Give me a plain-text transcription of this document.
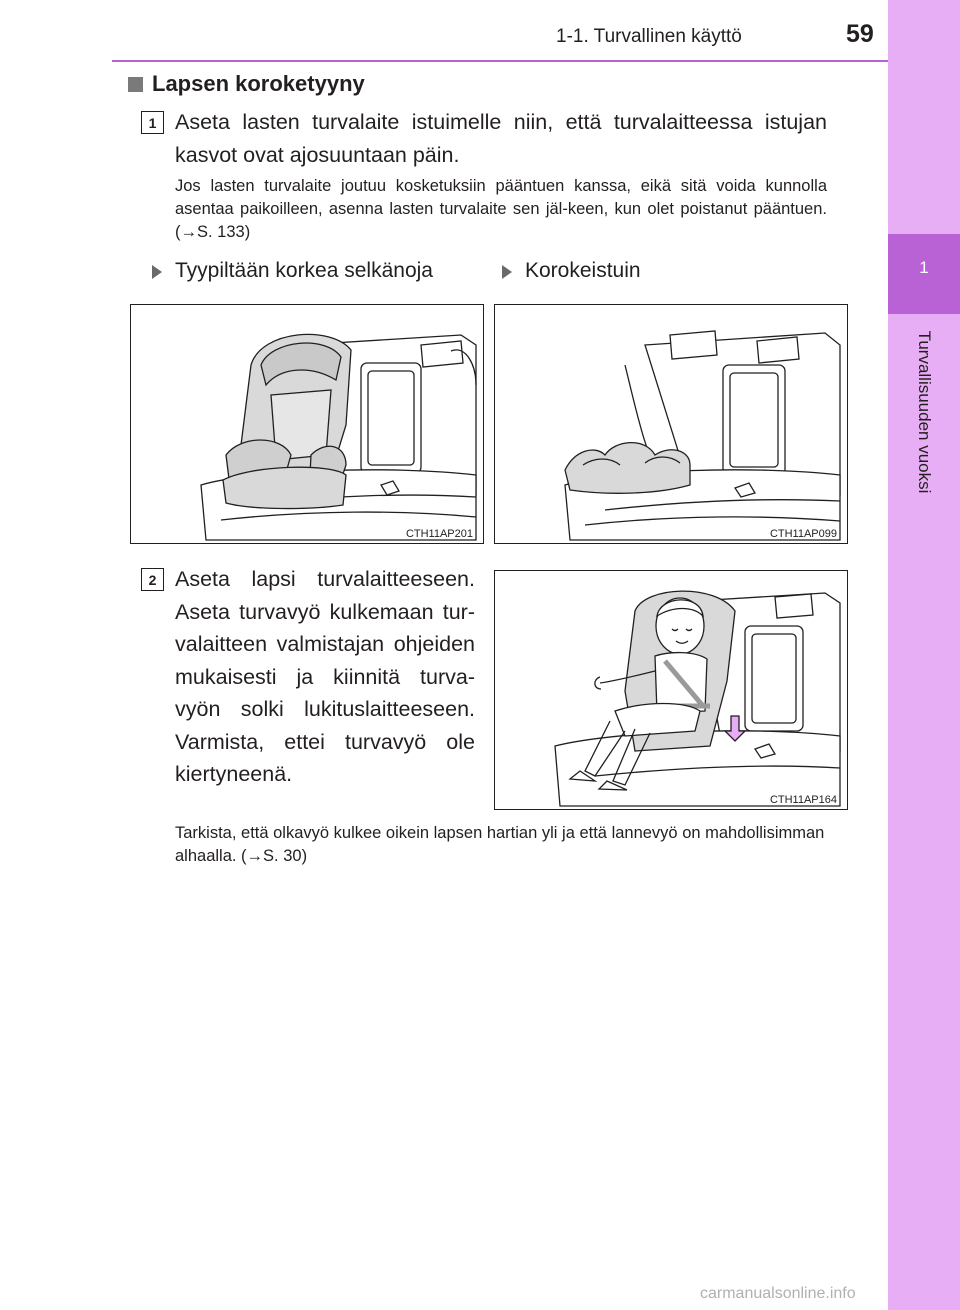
1
Turvallisuuden vuoksi
1-1. Turvallinen käyttö	59
Lapsen koroketyyny
1 Aseta lasten turvalaite istuimelle niin, että turvalaitteessa istujan kasvot ovat ajosuuntaan päin.
Jos lasten turvalaite joutuu kosketuksiin pääntuen kanssa, eikä sitä voida kunnolla asentaa paikoilleen, asenna lasten turvalaite sen jäl-keen, kun olet poistanut pääntuen. (→S. 133)
Tyypiltään korkea selkänoja	Korokeistuin
CTH11AP201	CTH11AP099
2 Aseta lapsi turvalaitteeseen. Aseta turvavyö kulkemaan tur-valaitteen valmistajan ohjeiden mukaisesti ja kiinnitä turva-vyön solki lukituslaitteeseen. Varmista, ettei turvavyö ole kiertyneenä.
CTH11AP164
Tarkista, että olkavyö kulkee oikein lapsen hartian yli ja että lannevyö on mahdollisimman alhaalla. (→S. 30)
carmanualsonline.info
